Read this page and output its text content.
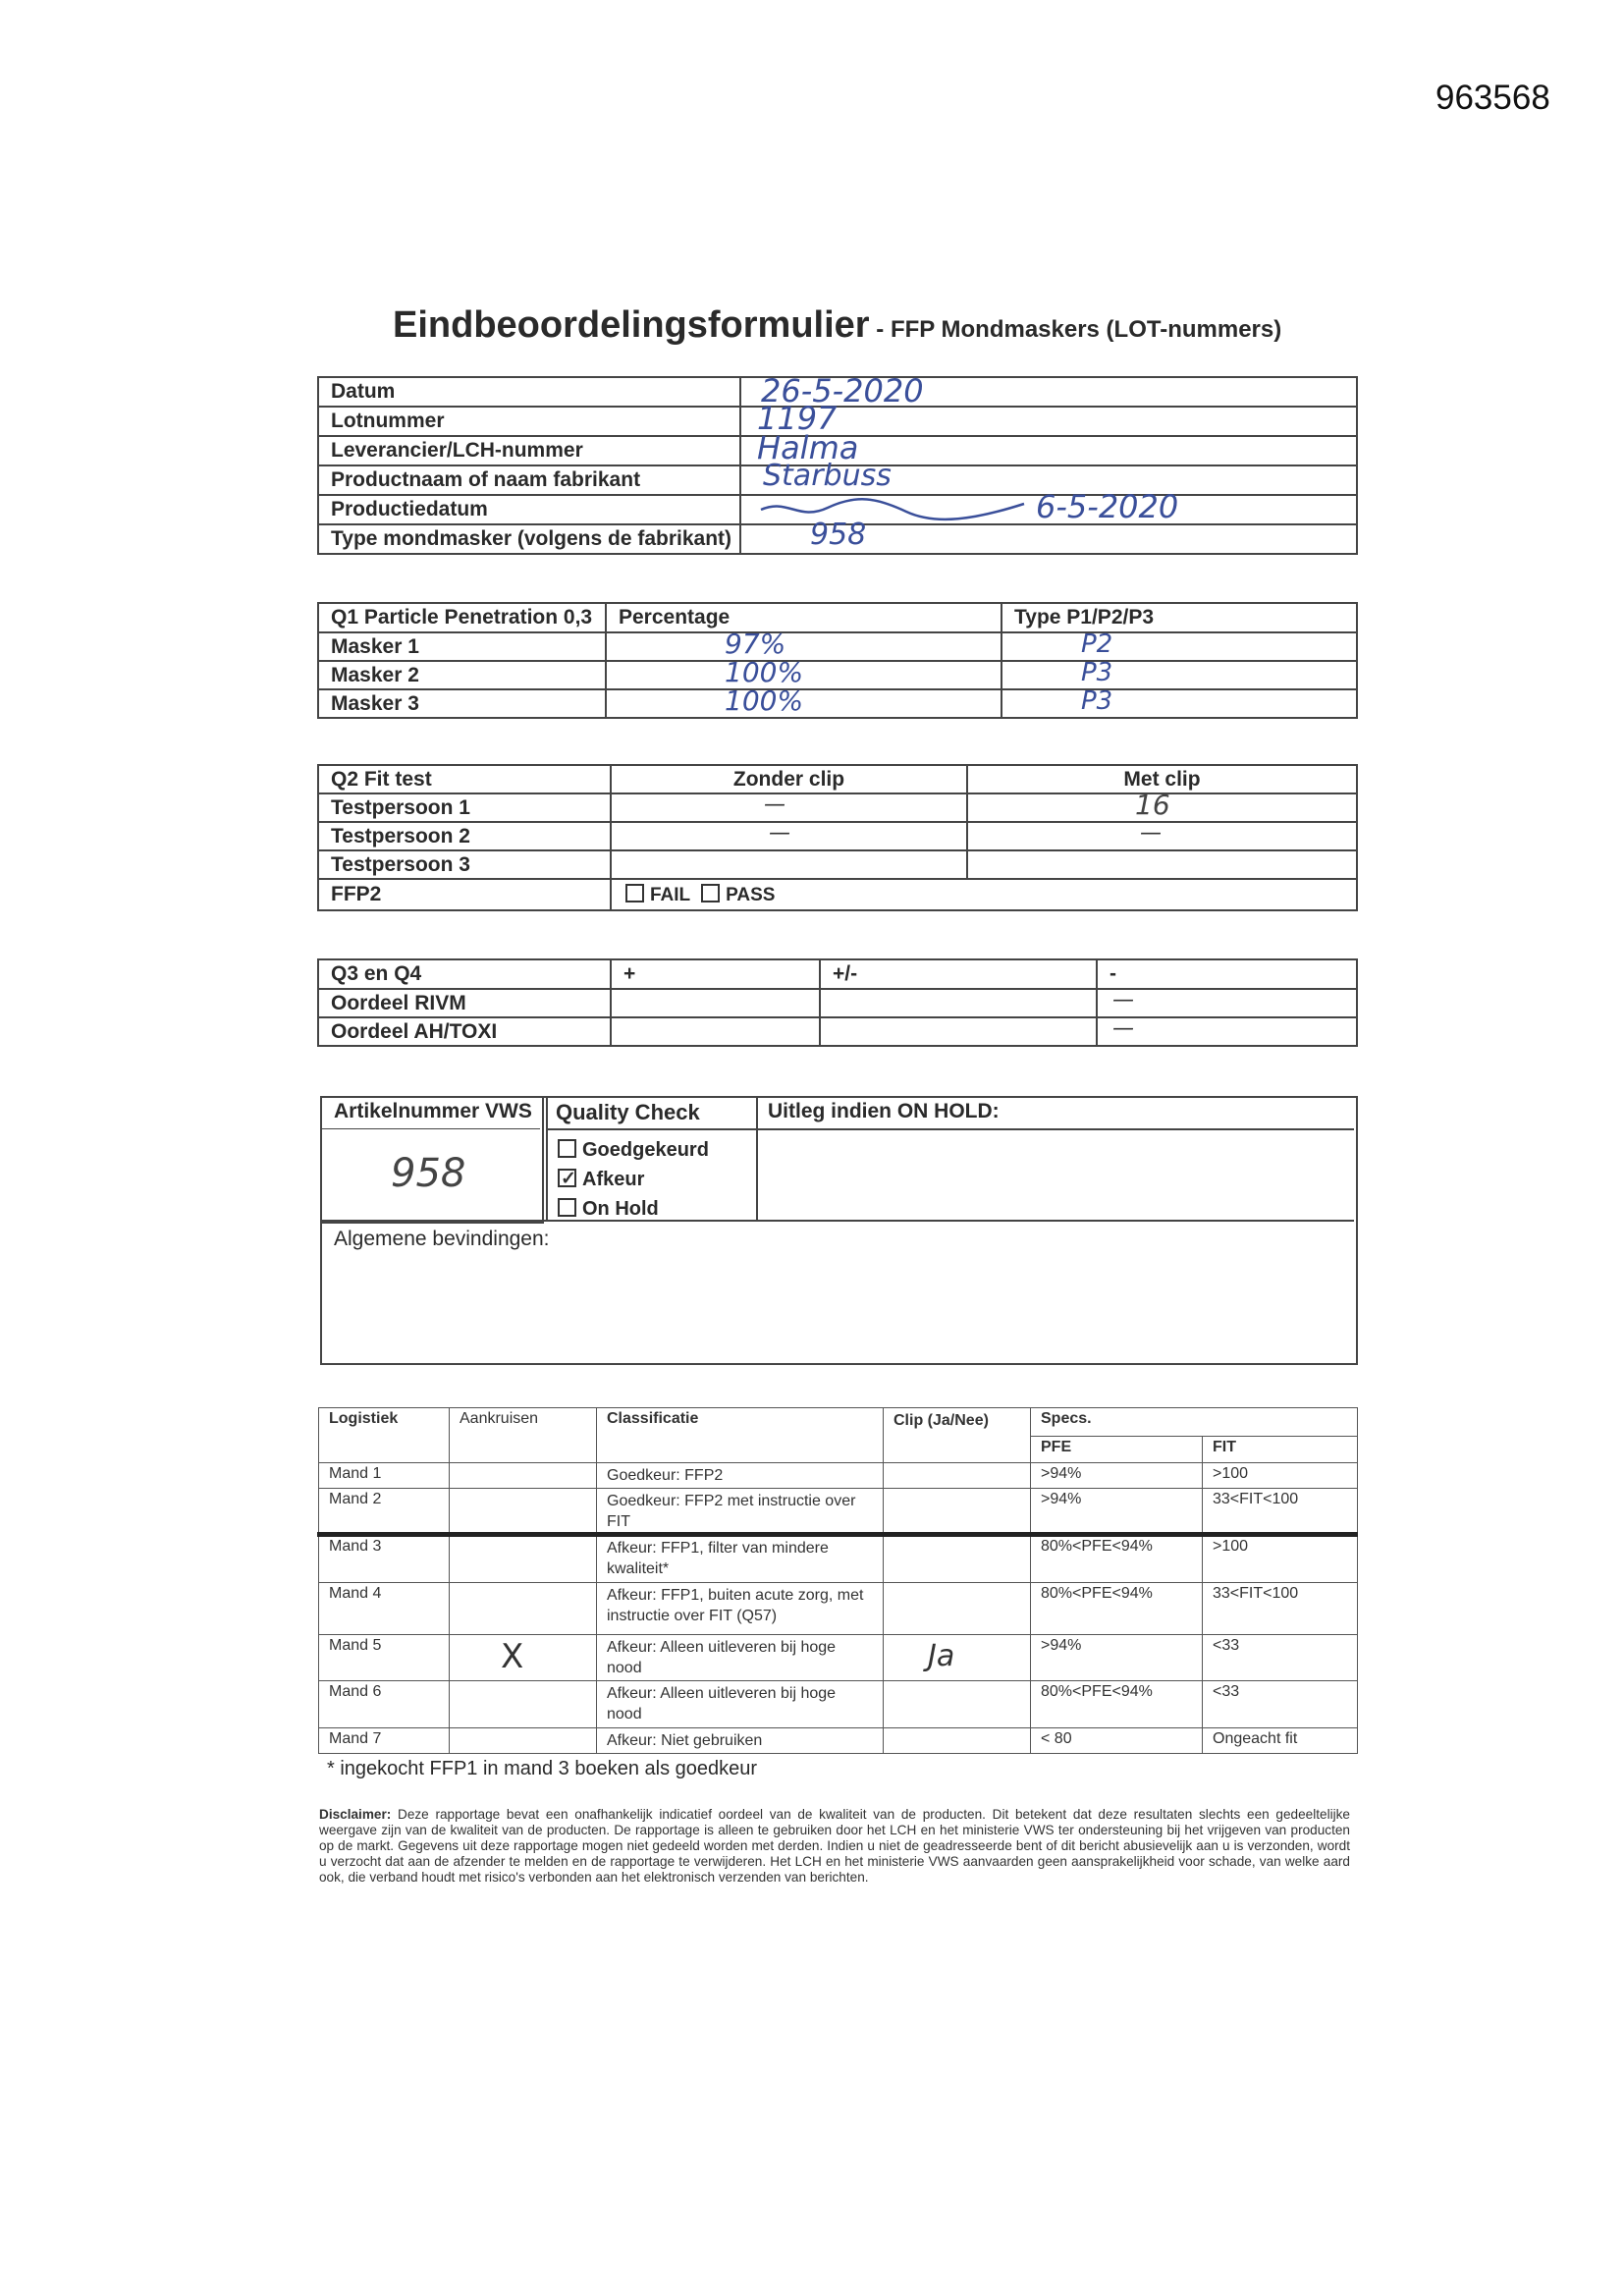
963568
Eindbeoordelingsformulier - FFP Mondmaskers (LOT-nummers)
Datum	26-5-2020

Lotnummer	1197

Leverancier/LCH-nummer	Halma

Productnaam of naam fabrikant	Starbuss

Productiedatum	6-5-2020

Type mondmasker (volgens de fabrikant)	958
Q1 Particle Penetration 0,3	Percentage	Type P1/P2/P3
Masker 1	97%	P2

Masker 2	100%	P3

Masker 3	100%	P3
Q2 Fit test	Zonder clip	Met clip
Testpersoon 1	—	16

Testpersoon 2	—	—

Testpersoon 3		
FFP2	FAIL PASS	
Q3 en Q4	+	+/-	-
Oordeel RIVM			—

Oordeel AH/TOXI			—
Artikelnummer VWS
958
Quality Check
Goedgekeurd
✓Afkeur
On Hold
Uitleg indien ON HOLD:
Algemene bevindingen:
Logistiek	Aankruisen	Classificatie	Clip (Ja/Nee)	Specs.	
				PFE	FIT
Mand 1		Goedkeur: FFP2		>94%	>100
Mand 2		Goedkeur: FFP2 met instructie over FIT		>94%	33<FIT<100
Mand 3		Afkeur: FFP1, filter van mindere kwaliteit*		80%<PFE<94%	>100
Mand 4		Afkeur: FFP1, buiten acute zorg, met instructie over FIT (Q57)		80%<PFE<94%	33<FIT<100
Mand 5	X	Afkeur: Alleen uitleveren bij hoge nood	Ja	>94%	<33
Mand 6		Afkeur: Alleen uitleveren bij hoge nood		80%<PFE<94%	<33
Mand 7		Afkeur: Niet gebruiken		< 80	Ongeacht fit
* ingekocht FFP1 in mand 3 boeken als goedkeur
Disclaimer: Deze rapportage bevat een onafhankelijk indicatief oordeel van de kwaliteit van de producten. Dit betekent dat deze resultaten slechts een gedeeltelijke weergave zijn van de kwaliteit van de producten. De rapportage is alleen te gebruiken door het LCH en het ministerie VWS ter ondersteuning bij het vrijgeven van producten op de markt. Gegevens uit deze rapportage mogen niet gedeeld worden met derden. Indien u niet de geadresseerde bent of dit bericht abusievelijk aan u is verzonden, wordt u verzocht dat aan de afzender te melden en de rapportage te verwijderen. Het LCH en het ministerie VWS aanvaarden geen aansprakelijkheid voor schade, van welke aard ook, die verband houdt met risico's verbonden aan het elektronisch verzenden van berichten.
